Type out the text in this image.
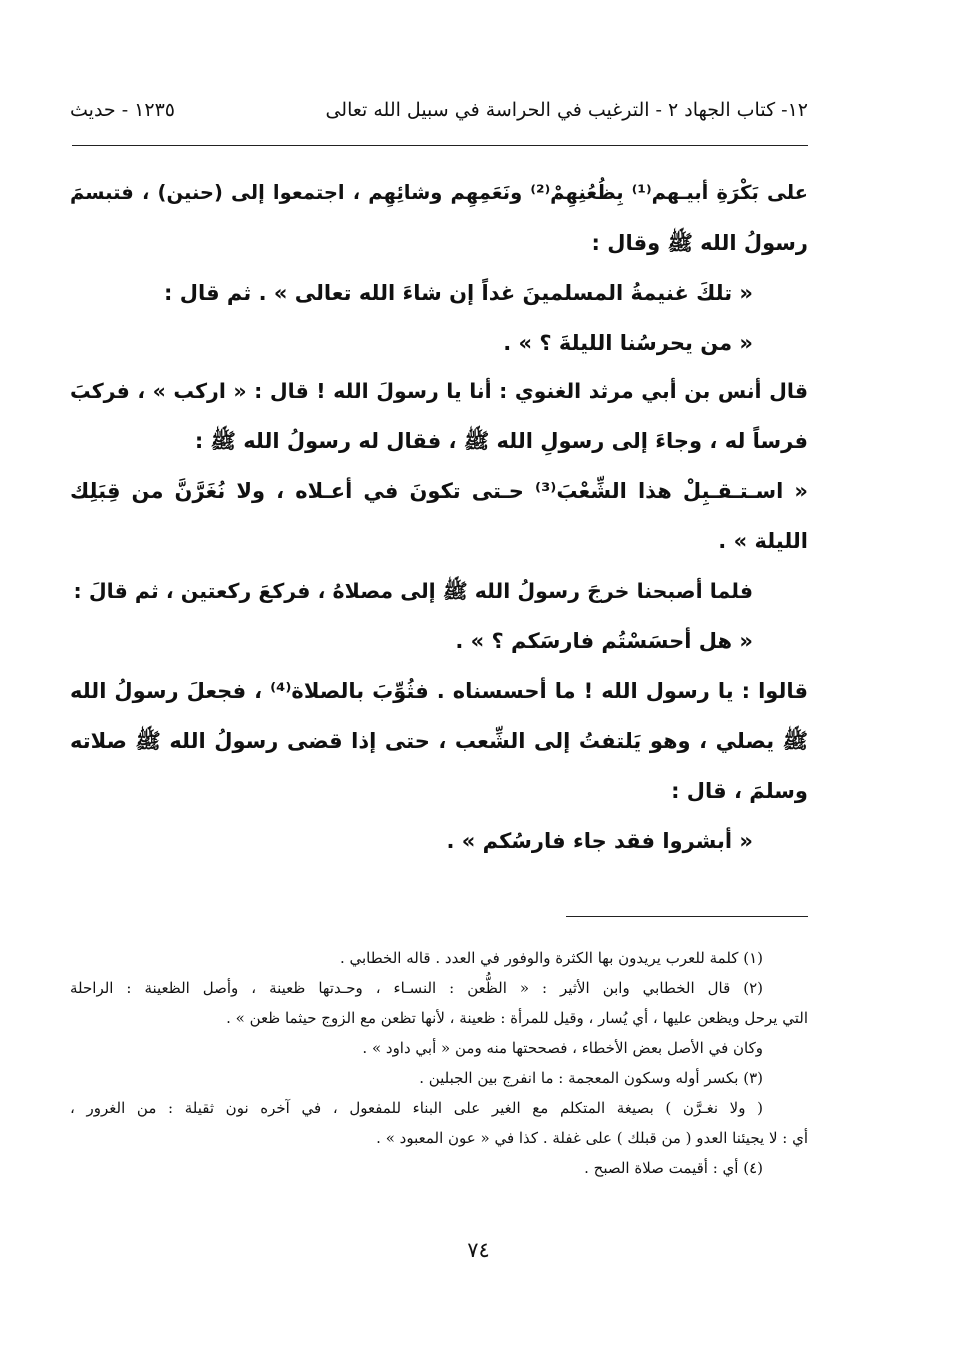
١٢- كتاب الجهاد ٢ - الترغيب في الحراسة في سبيل الله تعالى
١٢٣٥ - حديث
على بَكْرَةِ أبيـهم⁽¹⁾ بِظُعُنِهِمْ⁽²⁾ ونَعَمِهِم وشائِهِم ، اجتمعوا إلى (حنين) ، فتبسمَ
رسولُ الله ﷺ وقال :
« تلكَ غنيمةُ المسلمينَ غداً إن شاءَ الله تعالى » . ثم قال :
« من يحرسُنا الليلةَ ؟ » .
قال أنس بن أبي مرثد الغنوي : أنا يا رسولَ الله ! قال : « اركب » ، فركبَ
فرساً له ، وجاءَ إلى رسولِ الله ﷺ ، فقال له رسولُ الله ﷺ :
« اسـتـقـبِلْ هذا الشِّعْبَ⁽³⁾ حـتى تكونَ في أعـلاه ، ولا نُغَرَّنَّ من قِبَلِك
الليلة » .
فلما أصبحنا خرجَ رسولُ الله ﷺ إلى مصلاهُ ، فركعَ ركعتين ، ثم قالَ :
« هل أحسَسْتُم فارسَكم ؟ » .
قالوا : يا رسول الله ! ما أحسسناه . فثُوِّبَ بالصلاة⁽⁴⁾ ، فجعلَ رسولُ الله
ﷺ يصلي ، وهو يَلتفتُ إلى الشِّعب ، حتى إذا قضى رسولُ الله ﷺ صلاته
وسلمَ ، قال :
« أبشروا فقد جاء فارسُكم » .
(١) كلمة للعرب يريدون بها الكثرة والوفور في العدد . قاله الخطابي .
(٢) قال الخطابي وابن الأثير : « الظُّعن : النسـاء ، وحـدتها ظعينة ، وأصل الظعينة : الراحلة
التي يرحل ويظعن عليها ، أي يُسار ، وقيل للمرأة : ظعينة ، لأنها تظعن مع الزوج حيثما ظعن » .
وكان في الأصل بعض الأخطاء ، فصححتها منه ومن « أبي داود » .
(٣) بكسر أوله وسكون المعجمة : ما انفرج بين الجبلين .
( ولا نغـرَّن ) بصيغة المتكلم مع الغير على البناء للمفعول ، في آخره نون ثقيلة : من الغرور ،
أي : لا يجيئنا العدو ( من قبلك ) على غفلة . كذا في « عون المعبود » .
(٤) أي : أقيمت صلاة الصبح .
٧٤
